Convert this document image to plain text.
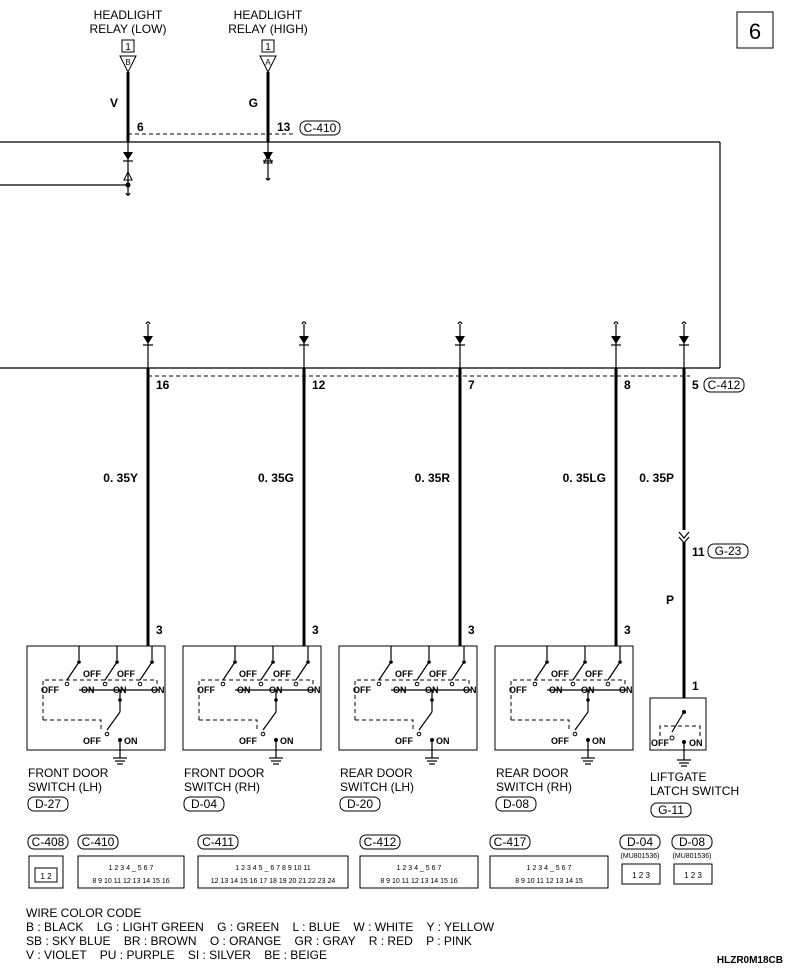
6
HEADLIGHT
RELAY (LOW)
HEADLIGHT
RELAY (HIGH)
1
B
1
A
V	G
6	13 C-410
16	12	7	8	5 C-412
0. 35Y	0. 35G	0. 35R	0. 35LG	0. 35P
11 G-23
P
1
3	3	3	3
OFF OFF
OFF ON ON	ON
OFF	ON
OFF OFF
OFF ON ON	ON
OFF	ON
OFF OFF
OFF ON ON	ON
OFF	ON
OFF OFF
OFF ON ON	ON
OFF	ON	OFF ON
FRONT DOOR
SWITCH (LH)
D-27
FRONT DOOR
SWITCH (RH)
D-04
REAR DOOR
SWITCH (LH)
D-20
REAR DOOR
SWITCH (RH)
D-08
LIFTGATE
LATCH SWITCH
G-11
C-408
1 2
C-410
1 2 3 4 _ 5 6 7
8 9 10 11 12 13 14 15 16
C-411
1 2 3 4 5 _ 6 7 8 9 10 11
12 13 14 15 16 17 18 19 20 21 22 23 24
C-412
1 2 3 4 _ 5 6 7
8 9 10 11 12 13 14 15 16
C-417
1 2 3 4 _ 5 6 7
8 9 10 11 12 13 14 15
D-04
(MU801536)
1 2 3
D-08
(MU801536)
1 2 3
WIRE COLOR CODE
B : BLACK    LG : LIGHT GREEN    G : GREEN    L : BLUE    W : WHITE    Y : YELLOW
SB : SKY BLUE    BR : BROWN    O : ORANGE    GR : GRAY    R : RED    P : PINK
V : VIOLET    PU : PURPLE    SI : SILVER    BE : BEIGE	HLZR0M18CB
